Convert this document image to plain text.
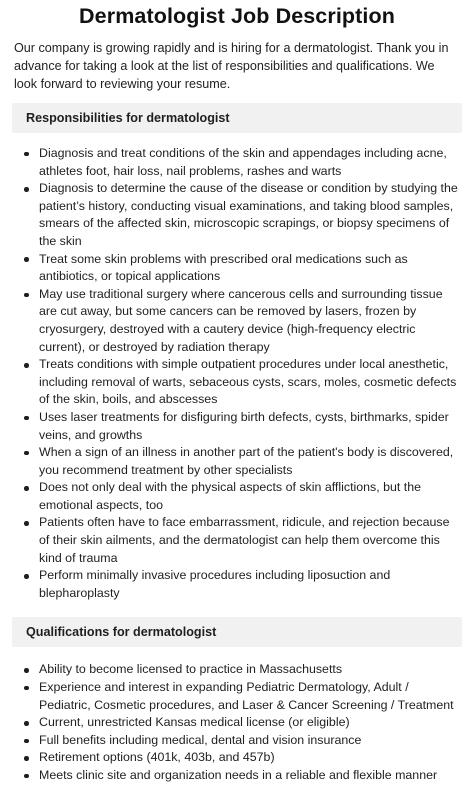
Dermatologist Job Description

Our company is growing rapidly and is hiring for a dermatologist. Thank you in advance for taking a look at the list of responsibilities and qualifications. We look forward to reviewing your resume.

Responsibilities for dermatologist
Diagnosis and treat conditions of the skin and appendages including acne, athletes foot, hair loss, nail problems, rashes and warts
Diagnosis to determine the cause of the disease or condition by studying the patient’s history, conducting visual examinations, and taking blood samples, smears of the affected skin, microscopic scrapings, or biopsy specimens of the skin
Treat some skin problems with prescribed oral medications such as antibiotics, or topical applications
May use traditional surgery where cancerous cells and surrounding tissue are cut away, but some cancers can be removed by lasers, frozen by cryosurgery, destroyed with a cautery device (high-frequency electric current), or destroyed by radiation therapy
Treats conditions with simple outpatient procedures under local anesthetic, including removal of warts, sebaceous cysts, scars, moles, cosmetic defects of the skin, boils, and abscesses
Uses laser treatments for disfiguring birth defects, cysts, birthmarks, spider veins, and growths
When a sign of an illness in another part of the patient's body is discovered, you recommend treatment by other specialists
Does not only deal with the physical aspects of skin afflictions, but the emotional aspects, too
Patients often have to face embarrassment, ridicule, and rejection because of their skin ailments, and the dermatologist can help them overcome this kind of trauma
Perform minimally invasive procedures including liposuction and blepharoplasty
Qualifications for dermatologist
Ability to become licensed to practice in Massachusetts
Experience and interest in expanding Pediatric Dermatology, Adult / Pediatric, Cosmetic procedures, and Laser & Cancer Screening / Treatment
Current, unrestricted Kansas medical license (or eligible)
Full benefits including medical, dental and vision insurance
Retirement options (401k, 403b, and 457b)
Meets clinic site and organization needs in a reliable and flexible manner
